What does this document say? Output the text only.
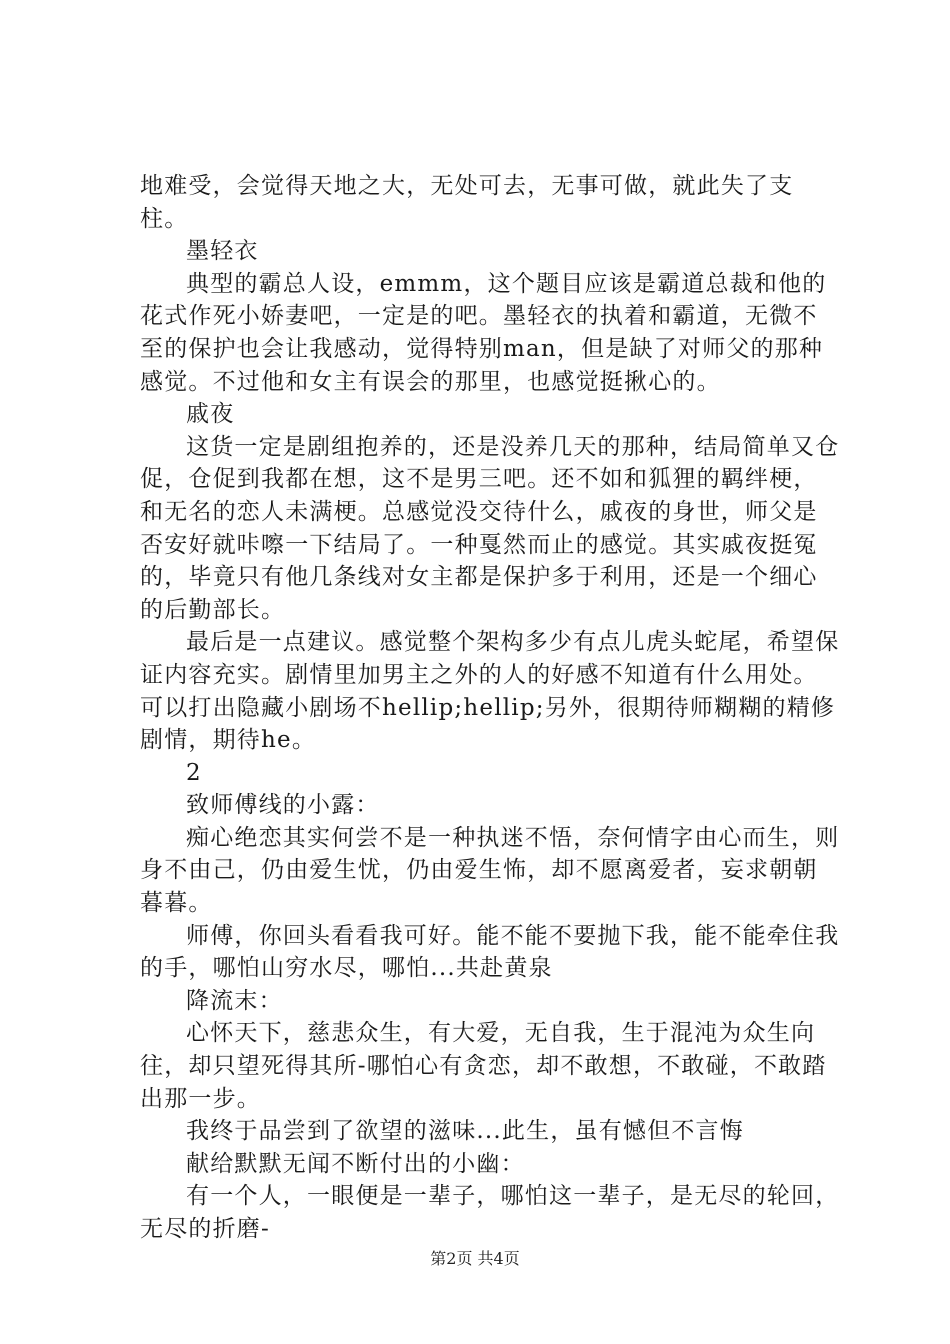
地难受，会觉得天地之大，无处可去，无事可做，就此失了支柱。

墨轻衣

典型的霸总人设，emmm，这个题目应该是霸道总裁和他的花式作死小娇妻吧，一定是的吧。墨轻衣的执着和霸道，无微不至的保护也会让我感动，觉得特别man，但是缺了对师父的那种感觉。不过他和女主有误会的那里，也感觉挺揪心的。

戚夜

这货一定是剧组抱养的，还是没养几天的那种，结局简单又仓促，仓促到我都在想，这不是男三吧。还不如和狐狸的羁绊梗，和无名的恋人未满梗。总感觉没交待什么，戚夜的身世，师父是否安好就咔嚓一下结局了。一种戛然而止的感觉。其实戚夜挺冤的，毕竟只有他几条线对女主都是保护多于利用，还是一个细心的后勤部长。

最后是一点建议。感觉整个架构多少有点儿虎头蛇尾，希望保证内容充实。剧情里加男主之外的人的好感不知道有什么用处。可以打出隐藏小剧场不hellip;hellip;另外，很期待师糊糊的精修剧情，期待he。

2

致师傅线的小露：

痴心绝恋其实何尝不是一种执迷不悟，奈何情字由心而生，则身不由己，仍由爱生忧，仍由爱生怖，却不愿离爱者，妄求朝朝暮暮。

师傅，你回头看看我可好。能不能不要抛下我，能不能牵住我的手，哪怕山穷水尽，哪怕...共赴黄泉

降流末：

心怀天下，慈悲众生，有大爱，无自我，生于混沌为众生向往，却只望死得其所-哪怕心有贪恋，却不敢想，不敢碰，不敢踏出那一步。

我终于品尝到了欲望的滋味...此生，虽有憾但不言悔

献给默默无闻不断付出的小幽：

有一个人，一眼便是一辈子，哪怕这一辈子，是无尽的轮回，无尽的折磨-

第2页 共4页
